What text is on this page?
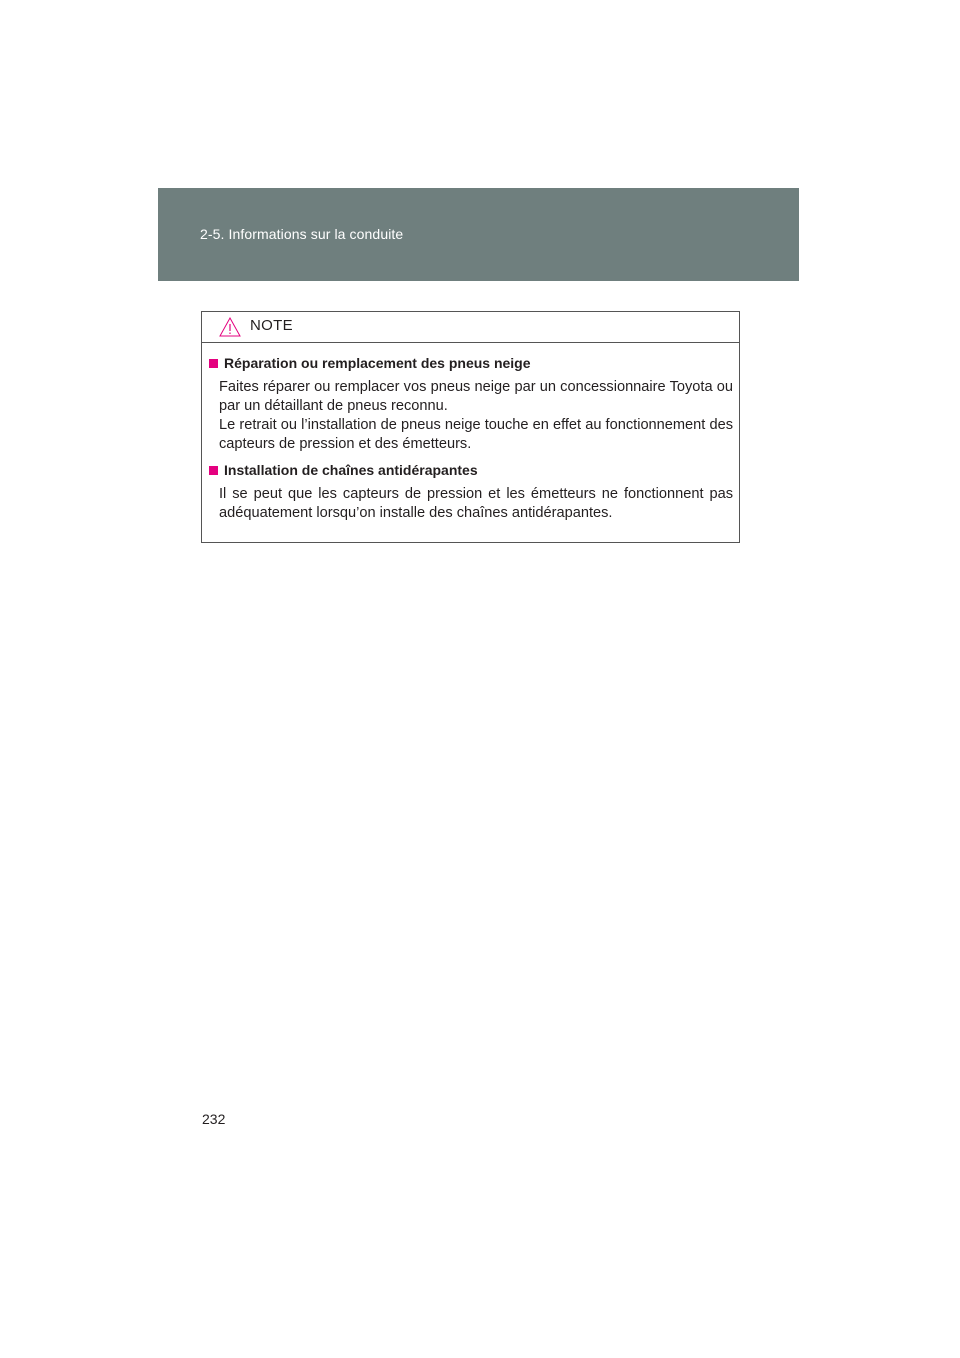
2-5. Informations sur la conduite
NOTE
Réparation ou remplacement des pneus neige

Faites réparer ou remplacer vos pneus neige par un concessionnaire Toyota ou par un détaillant de pneus reconnu.

Le retrait ou l’installation de pneus neige touche en effet au fonctionnement des capteurs de pression et des émetteurs.

Installation de chaînes antidérapantes

Il se peut que les capteurs de pression et les émetteurs ne fonctionnent pas adéquatement lorsqu’on installe des chaînes antidérapantes.

232
